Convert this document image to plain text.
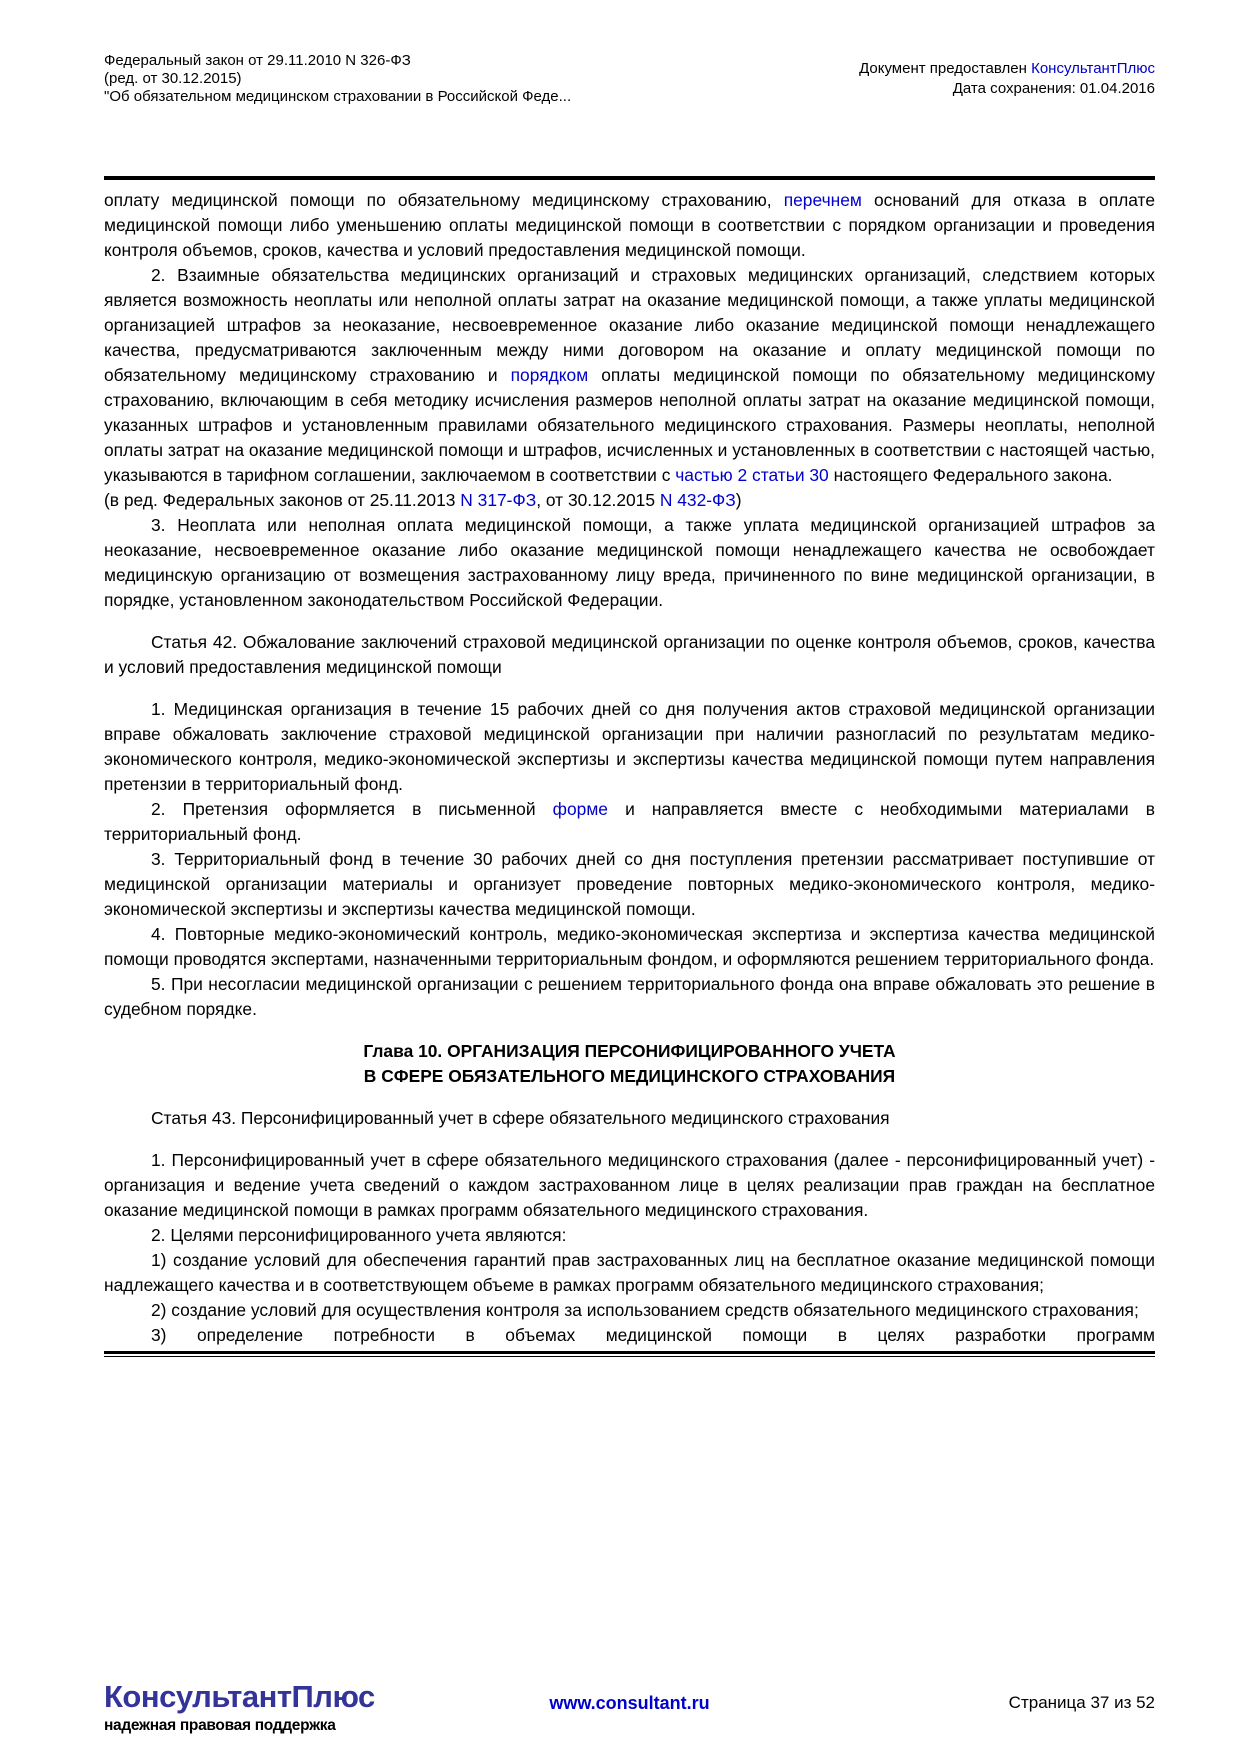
Федеральный закон от 29.11.2010 N 326-ФЗ
(ред. от 30.12.2015)
"Об обязательном медицинском страховании в Российской Феде...
Документ предоставлен КонсультантПлюс
Дата сохранения: 01.04.2016

оплату медицинской помощи по обязательному медицинскому страхованию, перечнем оснований для отказа в оплате медицинской помощи либо уменьшению оплаты медицинской помощи в соответствии с порядком организации и проведения контроля объемов, сроков, качества и условий предоставления медицинской помощи.

2. Взаимные обязательства медицинских организаций и страховых медицинских организаций, следствием которых является возможность неоплаты или неполной оплаты затрат на оказание медицинской помощи, а также уплаты медицинской организацией штрафов за неоказание, несвоевременное оказание либо оказание медицинской помощи ненадлежащего качества, предусматриваются заключенным между ними договором на оказание и оплату медицинской помощи по обязательному медицинскому страхованию и порядком оплаты медицинской помощи по обязательному медицинскому страхованию, включающим в себя методику исчисления размеров неполной оплаты затрат на оказание медицинской помощи, указанных штрафов и установленным правилами обязательного медицинского страхования. Размеры неоплаты, неполной оплаты затрат на оказание медицинской помощи и штрафов, исчисленных и установленных в соответствии с настоящей частью, указываются в тарифном соглашении, заключаемом в соответствии с частью 2 статьи 30 настоящего Федерального закона.

(в ред. Федеральных законов от 25.11.2013 N 317-ФЗ, от 30.12.2015 N 432-ФЗ)

3. Неоплата или неполная оплата медицинской помощи, а также уплата медицинской организацией штрафов за неоказание, несвоевременное оказание либо оказание медицинской помощи ненадлежащего качества не освобождает медицинскую организацию от возмещения застрахованному лицу вреда, причиненного по вине медицинской организации, в порядке, установленном законодательством Российской Федерации.

Статья 42. Обжалование заключений страховой медицинской организации по оценке контроля объемов, сроков, качества и условий предоставления медицинской помощи

1. Медицинская организация в течение 15 рабочих дней со дня получения актов страховой медицинской организации вправе обжаловать заключение страховой медицинской организации при наличии разногласий по результатам медико-экономического контроля, медико-экономической экспертизы и экспертизы качества медицинской помощи путем направления претензии в территориальный фонд.

2. Претензия оформляется в письменной форме и направляется вместе с необходимыми материалами в территориальный фонд.

3. Территориальный фонд в течение 30 рабочих дней со дня поступления претензии рассматривает поступившие от медицинской организации материалы и организует проведение повторных медико-экономического контроля, медико-экономической экспертизы и экспертизы качества медицинской помощи.

4. Повторные медико-экономический контроль, медико-экономическая экспертиза и экспертиза качества медицинской помощи проводятся экспертами, назначенными территориальным фондом, и оформляются решением территориального фонда.

5. При несогласии медицинской организации с решением территориального фонда она вправе обжаловать это решение в судебном порядке.

Глава 10. ОРГАНИЗАЦИЯ ПЕРСОНИФИЦИРОВАННОГО УЧЕТА

В СФЕРЕ ОБЯЗАТЕЛЬНОГО МЕДИЦИНСКОГО СТРАХОВАНИЯ

Статья 43. Персонифицированный учет в сфере обязательного медицинского страхования

1. Персонифицированный учет в сфере обязательного медицинского страхования (далее - персонифицированный учет) - организация и ведение учета сведений о каждом застрахованном лице в целях реализации прав граждан на бесплатное оказание медицинской помощи в рамках программ обязательного медицинского страхования.

2. Целями персонифицированного учета являются:

1) создание условий для обеспечения гарантий прав застрахованных лиц на бесплатное оказание медицинской помощи надлежащего качества и в соответствующем объеме в рамках программ обязательного медицинского страхования;

2) создание условий для осуществления контроля за использованием средств обязательного медицинского страхования;

3) определение потребности в объемах медицинской помощи в целях разработки программ

КонсультантПлюс
надежная правовая поддержка
www.consultant.ru	Страница 37 из 52
